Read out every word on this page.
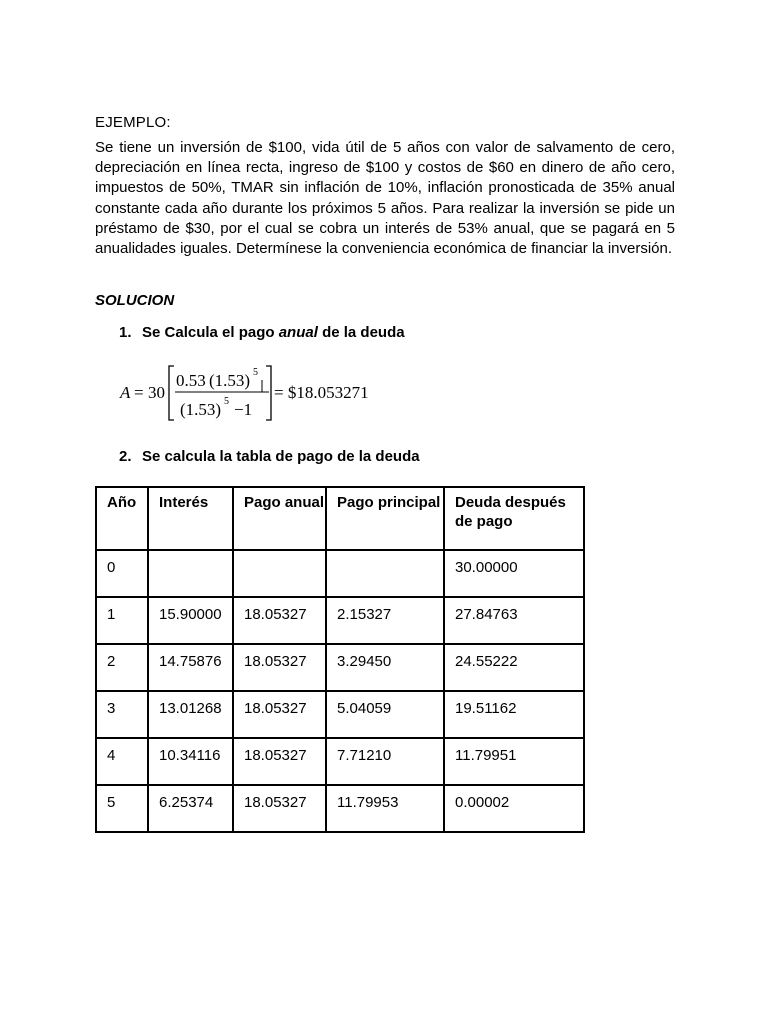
EJEMPLO:
Se tiene un inversión de $100, vida útil de 5 años con valor de salvamento de cero, depreciación en línea recta, ingreso de $100 y costos de $60 en dinero de año cero, impuestos de 50%, TMAR sin inflación de 10%, inflación pronosticada de 35% anual constante cada año durante los próximos 5 años. Para realizar la inversión se pide un préstamo de $30, por el cual se cobra un interés de 53% anual, que se pagará en 5 anualidades iguales. Determínese la conveniencia económica de financiar la inversión.
SOLUCION
1. Se Calcula el pago anual de la deuda
A = 30
0.53 (1.53) 5
(1.53) 5 −1
= $18.053271
2. Se calcula la tabla de pago de la deuda
Año	Interés	Pago anual	Pago principal	Deuda después de pago
0				30.00000
1	15.90000	18.05327	2.15327	27.84763
2	14.75876	18.05327	3.29450	24.55222
3	13.01268	18.05327	5.04059	19.51162
4	10.34116	18.05327	7.71210	11.79951
5	6.25374	18.05327	11.79953	0.00002
